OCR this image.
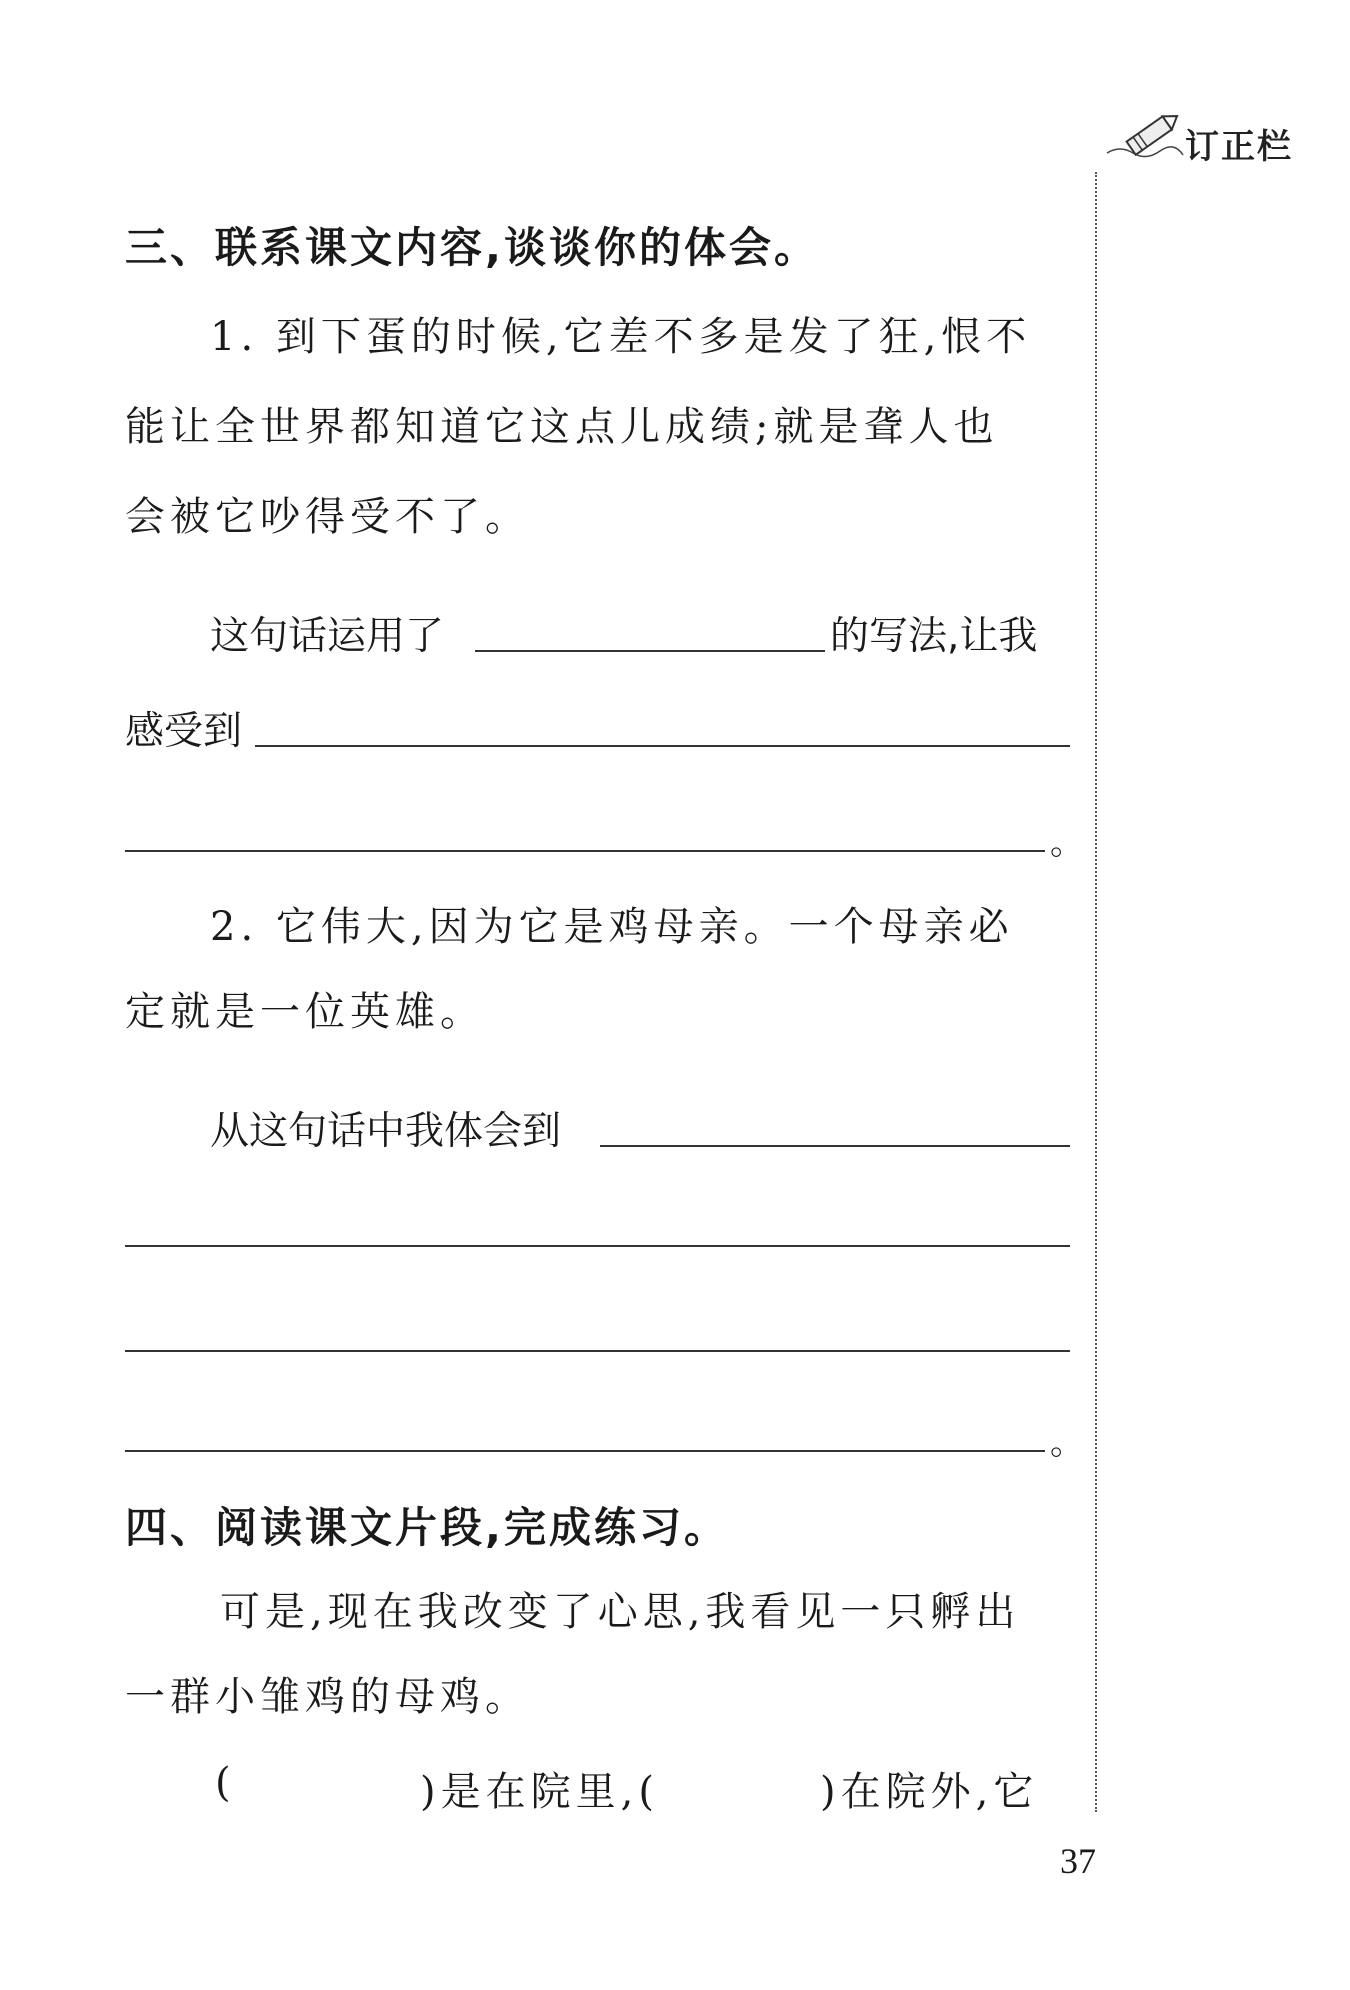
订正栏
三、联系课文内容,谈谈你的体会。
1. 到下蛋的时候,它差不多是发了狂,恨不
能让全世界都知道它这点儿成绩;就是聋人也
会被它吵得受不了。
这句话运用了	的写法,让我
感受到
。
2. 它伟大,因为它是鸡母亲。一个母亲必
定就是一位英雄。
从这句话中我体会到
。
四、阅读课文片段,完成练习。
可是,现在我改变了心思,我看见一只孵出
一群小雏鸡的母鸡。
(	)是在院里,(	)在院外,它
37
